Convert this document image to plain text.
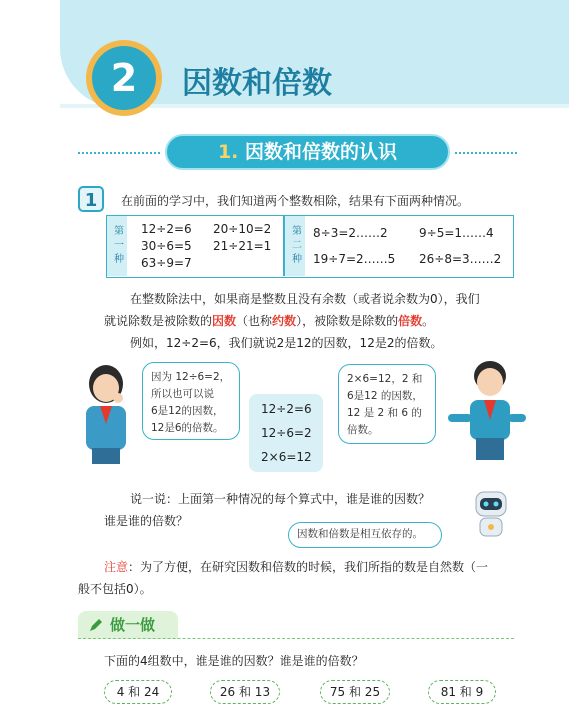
2	因数和倍数
1. 因数和倍数的认识
1	在前面的学习中，我们知道两个整数相除，结果有下面两种情况。
第一种	第二种
12÷2=6 20÷10=2
30÷6=5 21÷21=1
63÷9=7
8÷3=2……2	9÷5=1……4
19÷7=2……5 26÷8=3……2
在整数除法中，如果商是整数且没有余数（或者说余数为0），我们
就说除数是被除数的因数（也称约数），被除数是除数的倍数。
例如，12÷2=6，我们就说2是12的因数，12是2的倍数。
因为 12÷6=2，
所以也可以说
6是12的因数，
12是6的倍数。
12÷2=6
12÷6=2
2×6=12
2×6=12，2 和
6是12 的因数，
12 是 2 和 6 的
倍数。
说一说：上面第一种情况的每个算式中，谁是谁的因数？
谁是谁的倍数？
因数和倍数是相互依存的。
注意：为了方便，在研究因数和倍数的时候，我们所指的数是自然数（一
般不包括0）。
做一做
下面的4组数中，谁是谁的因数？谁是谁的倍数？
4 和 24	26 和 13	75 和 25	81 和 9
